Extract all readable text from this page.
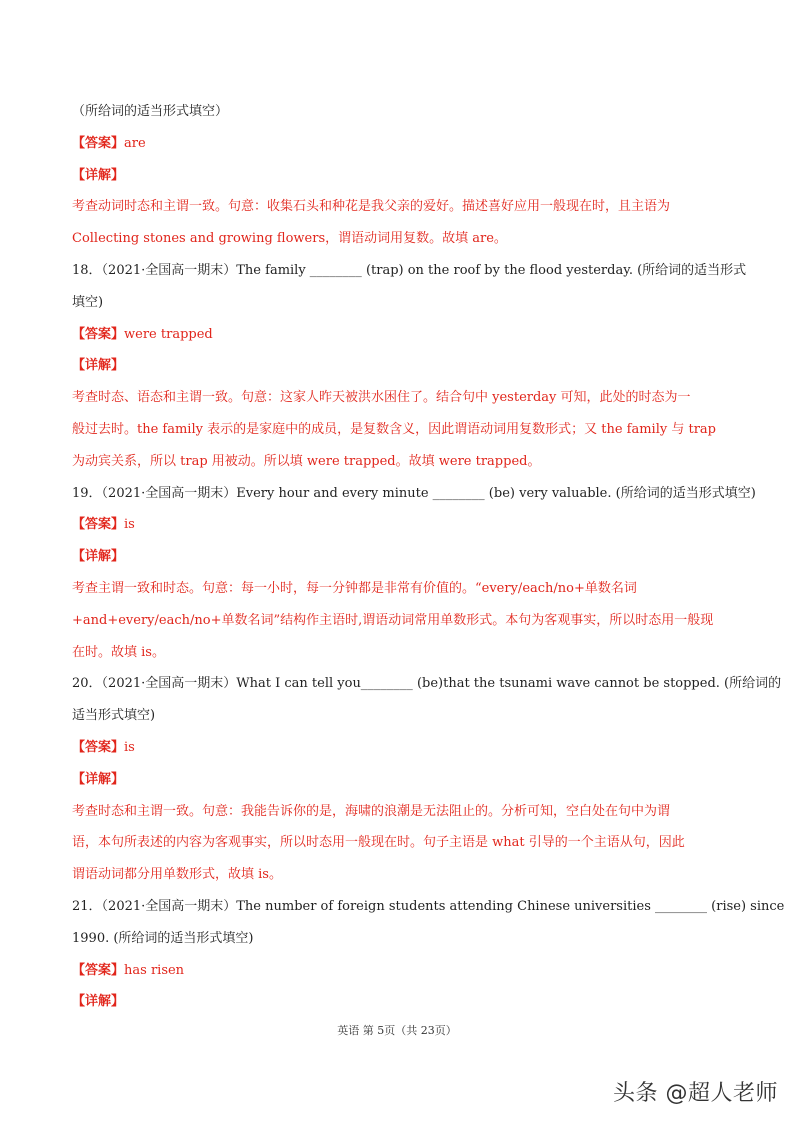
（所给词的适当形式填空）
【答案】are
【详解】
考查动词时态和主谓一致。句意：收集石头和种花是我父亲的爱好。描述喜好应用一般现在时，且主语为
Collecting stones and growing flowers，谓语动词用复数。故填 are。
18．（2021·全国高一期末）The family ________ (trap) on the roof by the flood yesterday. (所给词的适当形式
填空)
【答案】were trapped
【详解】
考查时态、语态和主谓一致。句意：这家人昨天被洪水困住了。结合句中 yesterday 可知，此处的时态为一
般过去时。the family 表示的是家庭中的成员，是复数含义，因此谓语动词用复数形式；又 the family 与 trap
为动宾关系，所以 trap 用被动。所以填 were trapped。故填 were trapped。
19．（2021·全国高一期末）Every hour and every minute ________ (be) very valuable. (所给词的适当形式填空)
【答案】is
【详解】
考查主谓一致和时态。句意：每一小时，每一分钟都是非常有价值的。“every/each/no+单数名词
+and+every/each/no+单数名词”结构作主语时,谓语动词常用单数形式。本句为客观事实，所以时态用一般现
在时。故填 is。
20．（2021·全国高一期末）What I can tell you________ (be)that the tsunami wave cannot be stopped. (所给词的
适当形式填空)
【答案】is
【详解】
考查时态和主谓一致。句意：我能告诉你的是，海啸的浪潮是无法阻止的。分析可知，空白处在句中为谓
语，本句所表述的内容为客观事实，所以时态用一般现在时。句子主语是 what 引导的一个主语从句，因此
谓语动词都分用单数形式，故填 is。
21．（2021·全国高一期末）The number of foreign students attending Chinese universities ________ (rise) since
1990. (所给词的适当形式填空)
【答案】has risen
【详解】
英语 第 5页（共 23页）
头条 @超人老师
